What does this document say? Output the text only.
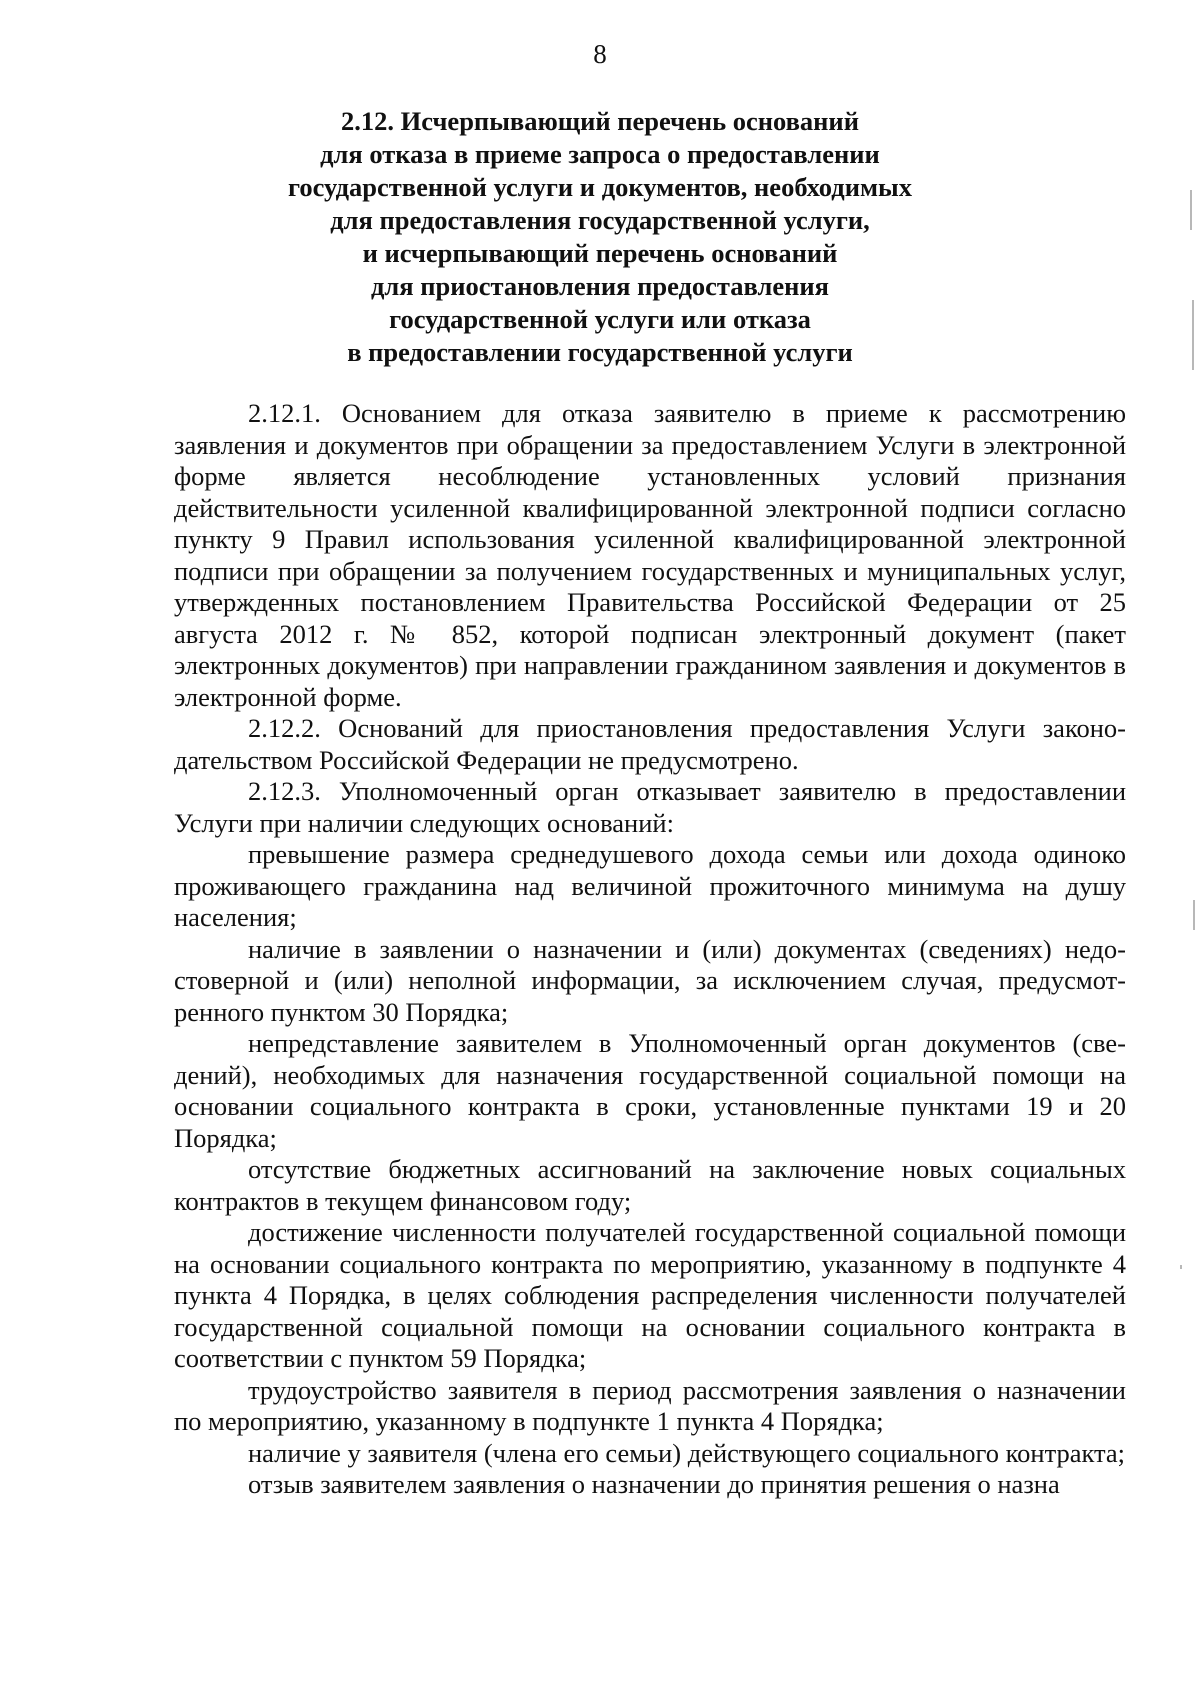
8
2.12. Исчерпывающий перечень оснований
для отказа в приеме запроса о предоставлении
государственной услуги и документов, необходимых
для предоставления государственной услуги,
и исчерпывающий перечень оснований
для приостановления предоставления
государственной услуги или отказа
в предоставлении государственной услуги

2.12.1. Основанием для отказа заявителю в приеме к рассмотрению заявления и документов при обращении за предоставлением Услуги в электронной форме является несоблюдение установленных условий признания действительности усиленной квалифицированной электронной подписи согласно пункту 9 Правил использования усиленной квалифицированной электронной подписи при обращении за получением государственных и муниципальных услуг, утвержденных постановлением Правительства Российской Федерации от 25 августа 2012 г. № 852, которой подписан электронный документ (пакет электронных документов) при направлении гражданином заявления и документов в электронной форме.

2.12.2. Оснований для приостановления предоставления Услуги законодательством Российской Федерации не предусмотрено.

2.12.3. Уполномоченный орган отказывает заявителю в предоставлении Услуги при наличии следующих оснований:

превышение размера среднедушевого дохода семьи или дохода одиноко проживающего гражданина над величиной прожиточного минимума на душу населения;

наличие в заявлении о назначении и (или) документах (сведениях) недостоверной и (или) неполной информации, за исключением случая, предусмотренного пунктом 30 Порядка;

непредставление заявителем в Уполномоченный орган документов (сведений), необходимых для назначения государственной социальной помощи на основании социального контракта в сроки, установленные пунктами 19 и 20 Порядка;

отсутствие бюджетных ассигнований на заключение новых социальных контрактов в текущем финансовом году;

достижение численности получателей государственной социальной помощи на основании социального контракта по мероприятию, указанному в подпункте 4 пункта 4 Порядка, в целях соблюдения распределения численности получателей государственной социальной помощи на основании социального контракта в соответствии с пунктом 59 Порядка;

трудоустройство заявителя в период рассмотрения заявления о назначении по мероприятию, указанному в подпункте 1 пункта 4 Порядка;

наличие у заявителя (члена его семьи) действующего социального контракта;

отзыв заявителем заявления о назначении до принятия решения о назна
